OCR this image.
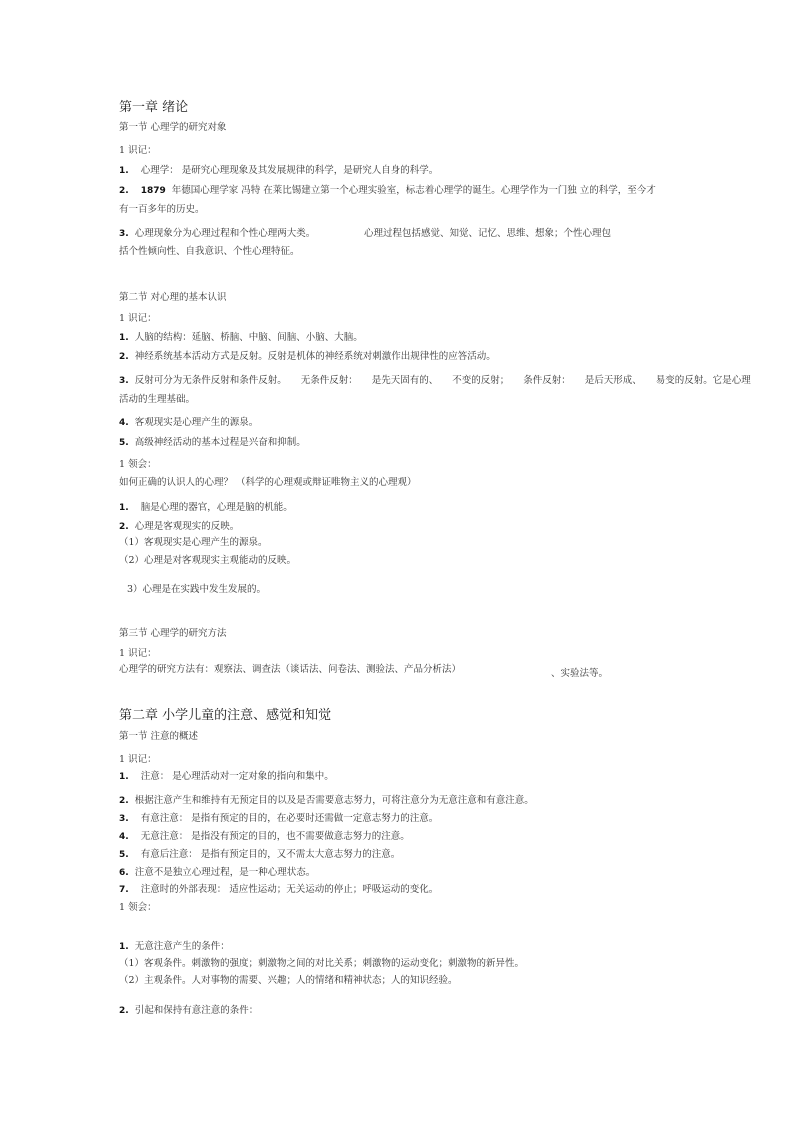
第一章 绪论
第一节 心理学的研究对象
1 识记：
1. 心理学： 是研究心理现象及其发展规律的科学，是研究人自身的科学。
2. 1879 年德国心理学家 冯特 在莱比锡建立第一个心理实验室，标志着心理学的诞生。心理学作为一门独 立的科学，至今才
有一百多年的历史。
3. 心理现象分为心理过程和个性心理两大类。	心理过程包括感觉、知觉、记忆、思维、想象；个性心理包
括个性倾向性、自我意识、个性心理特征。
第二节 对心理的基本认识
1 识记：
1. 人脑的结构：延脑、桥脑、中脑、间脑、小脑、大脑。
2. 神经系统基本活动方式是反射。反射是机体的神经系统对刺激作出规律性的应答活动。
3. 反射可分为无条件反射和条件反射。 无条件反射： 是先天固有的、 不变的反射； 条件反射： 是后天形成、 易变的反射。它是心理
活动的生理基础。
4. 客观现实是心理产生的源泉。
5. 高级神经活动的基本过程是兴奋和抑制。
1 领会：
如何正确的认识人的心理？ （科学的心理观或辩证唯物主义的心理观）
1. 脑是心理的器官，心理是脑的机能。
2. 心理是客观现实的反映。
（1）客观现实是心理产生的源泉。
（2）心理是对客观现实主观能动的反映。
3）心理是在实践中发生发展的。
第三节 心理学的研究方法
1 识记：
心理学的研究方法有：观察法、调查法（谈话法、问卷法、测验法、产品分析法）	、实验法等。
第二章 小学儿童的注意、感觉和知觉
第一节 注意的概述
1 识记：
1. 注意： 是心理活动对一定对象的指向和集中。
2. 根据注意产生和维持有无预定目的以及是否需要意志努力，可将注意分为无意注意和有意注意。
3. 有意注意： 是指有预定的目的，在必要时还需做一定意志努力的注意。
4. 无意注意： 是指没有预定的目的，也不需要做意志努力的注意。
5. 有意后注意： 是指有预定目的，又不需太大意志努力的注意。
6. 注意不是独立心理过程，是一种心理状态。
7. 注意时的外部表现： 适应性运动；无关运动的停止；呼吸运动的变化。
1 领会：
1. 无意注意产生的条件：
（1）客观条件。刺激物的强度；刺激物之间的对比关系；刺激物的运动变化；刺激物的新异性。
（2）主观条件。人对事物的需要、兴趣；人的情绪和精神状态；人的知识经验。
2. 引起和保持有意注意的条件：
